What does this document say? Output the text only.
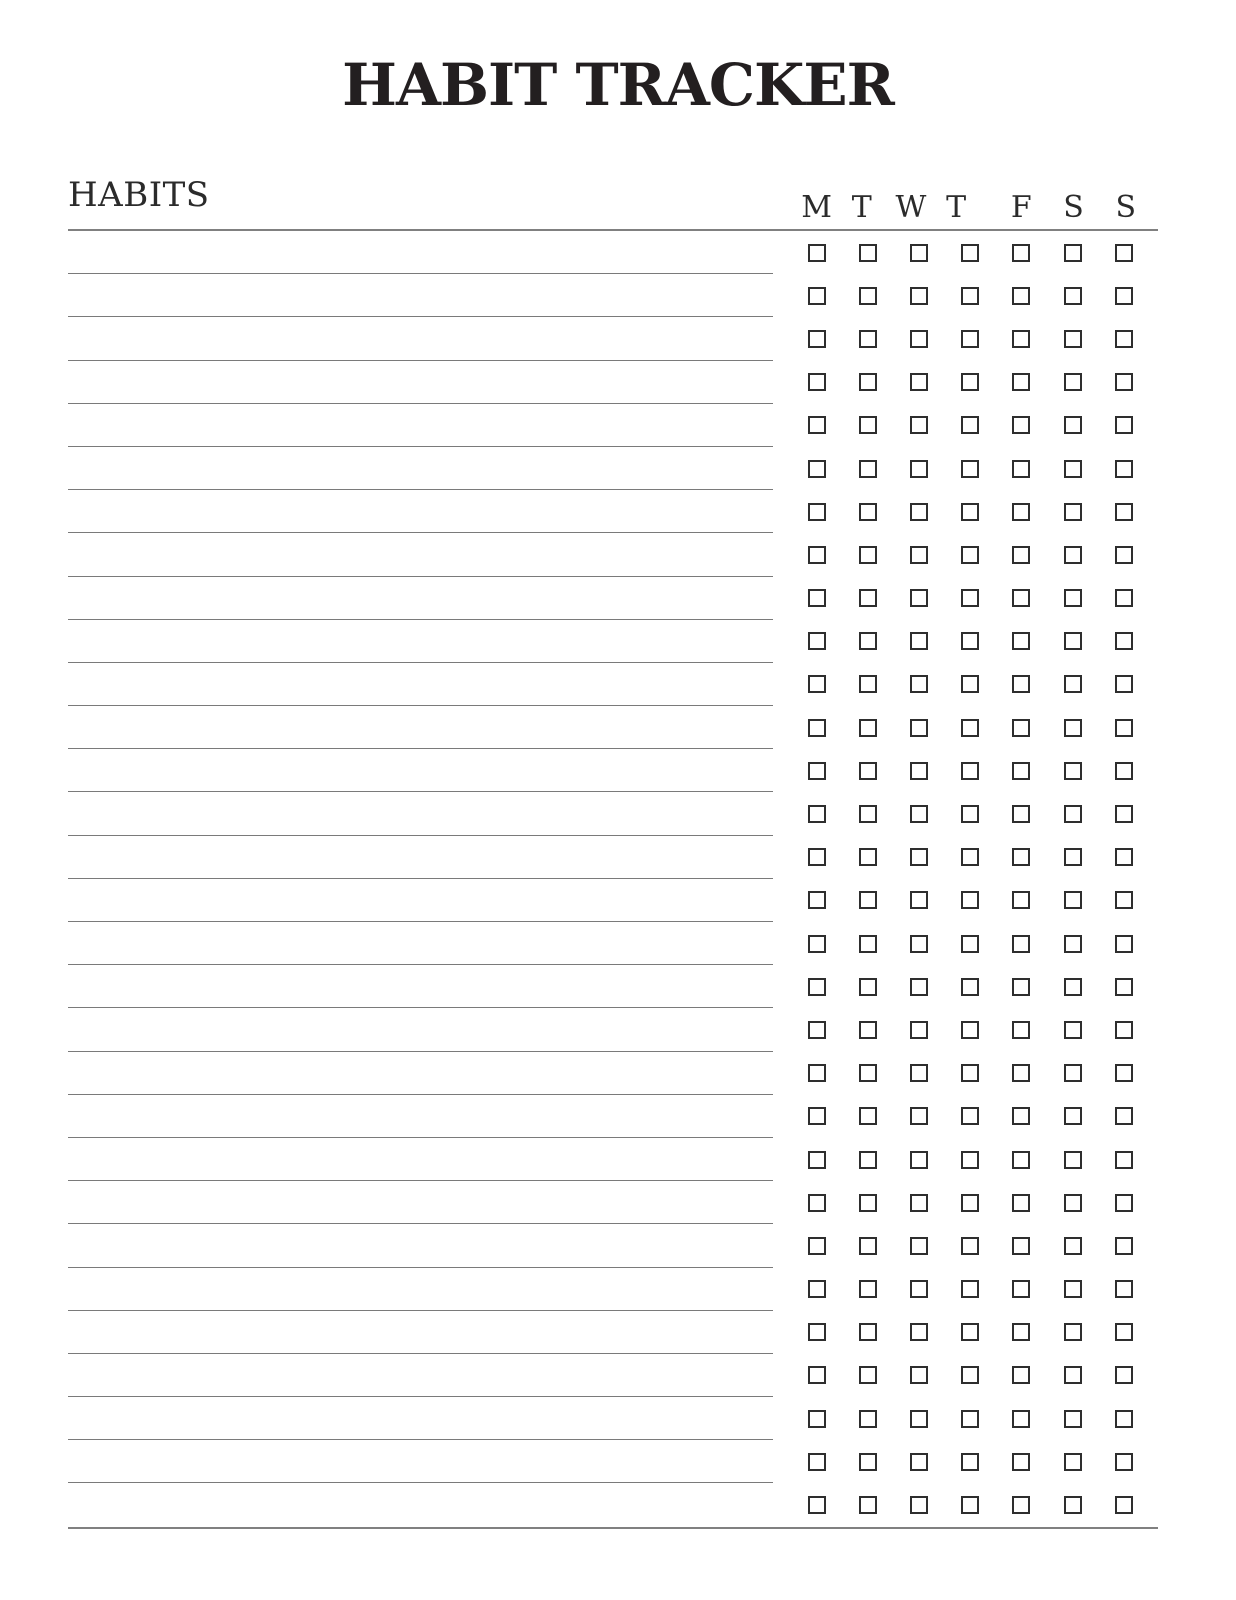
HABIT TRACKER
HABITS	M T W T	F	S	S
